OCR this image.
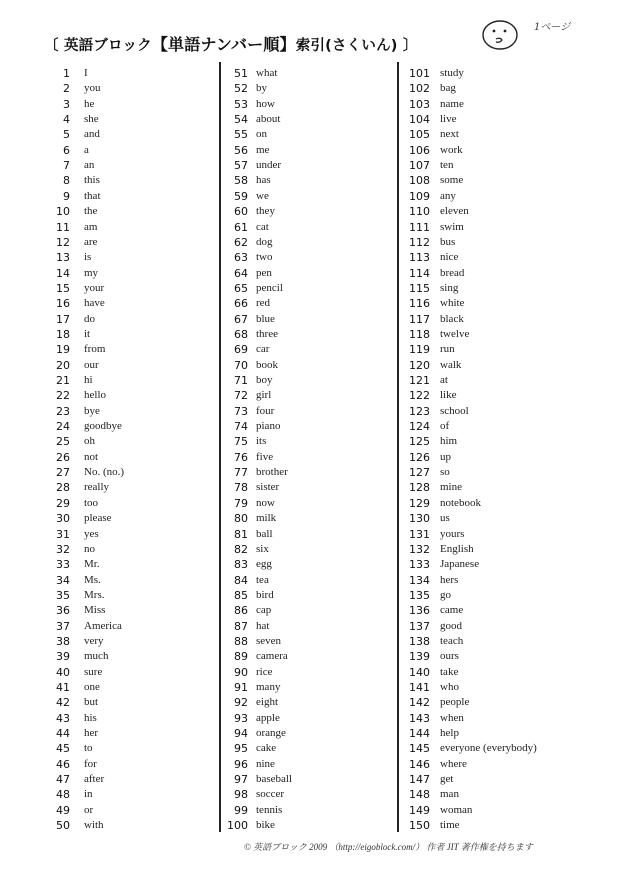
〔 英語ブロック【単語ナンバー順】索引(さくいん) 〕
1ページ
1 I
2 you
3 he
4 she
5 and
6 a
7 an
8 this
9 that
10 the
11 am
12 are
13 is
14 my
15 your
16 have
17 do
18 it
19 from
20 our
21 hi
22 hello
23 bye
24 goodbye
25 oh
26 not
27 No. (no.)
28 really
29 too
30 please
31 yes
32 no
33 Mr.
34 Ms.
35 Mrs.
36 Miss
37 America
38 very
39 much
40 sure
41 one
42 but
43 his
44 her
45 to
46 for
47 after
48 in
49 or
50 with
51 what
52 by
53 how
54 about
55 on
56 me
57 under
58 has
59 we
60 they
61 cat
62 dog
63 two
64 pen
65 pencil
66 red
67 blue
68 three
69 car
70 book
71 boy
72 girl
73 four
74 piano
75 its
76 five
77 brother
78 sister
79 now
80 milk
81 ball
82 six
83 egg
84 tea
85 bird
86 cap
87 hat
88 seven
89 camera
90 rice
91 many
92 eight
93 apple
94 orange
95 cake
96 nine
97 baseball
98 soccer
99 tennis
100 bike
101 study
102 bag
103 name
104 live
105 next
106 work
107 ten
108 some
109 any
110 eleven
111 swim
112 bus
113 nice
114 bread
115 sing
116 white
117 black
118 twelve
119 run
120 walk
121 at
122 like
123 school
124 of
125 him
126 up
127 so
128 mine
129 notebook
130 us
131 yours
132 English
133 Japanese
134 hers
135 go
136 came
137 good
138 teach
139 ours
140 take
141 who
142 people
143 when
144 help
145 everyone (everybody)
146 where
147 get
148 man
149 woman
150 time
© 英語ブロック 2009 （http://eigoblock.com/） 作者 JIT 著作権を持ちます
